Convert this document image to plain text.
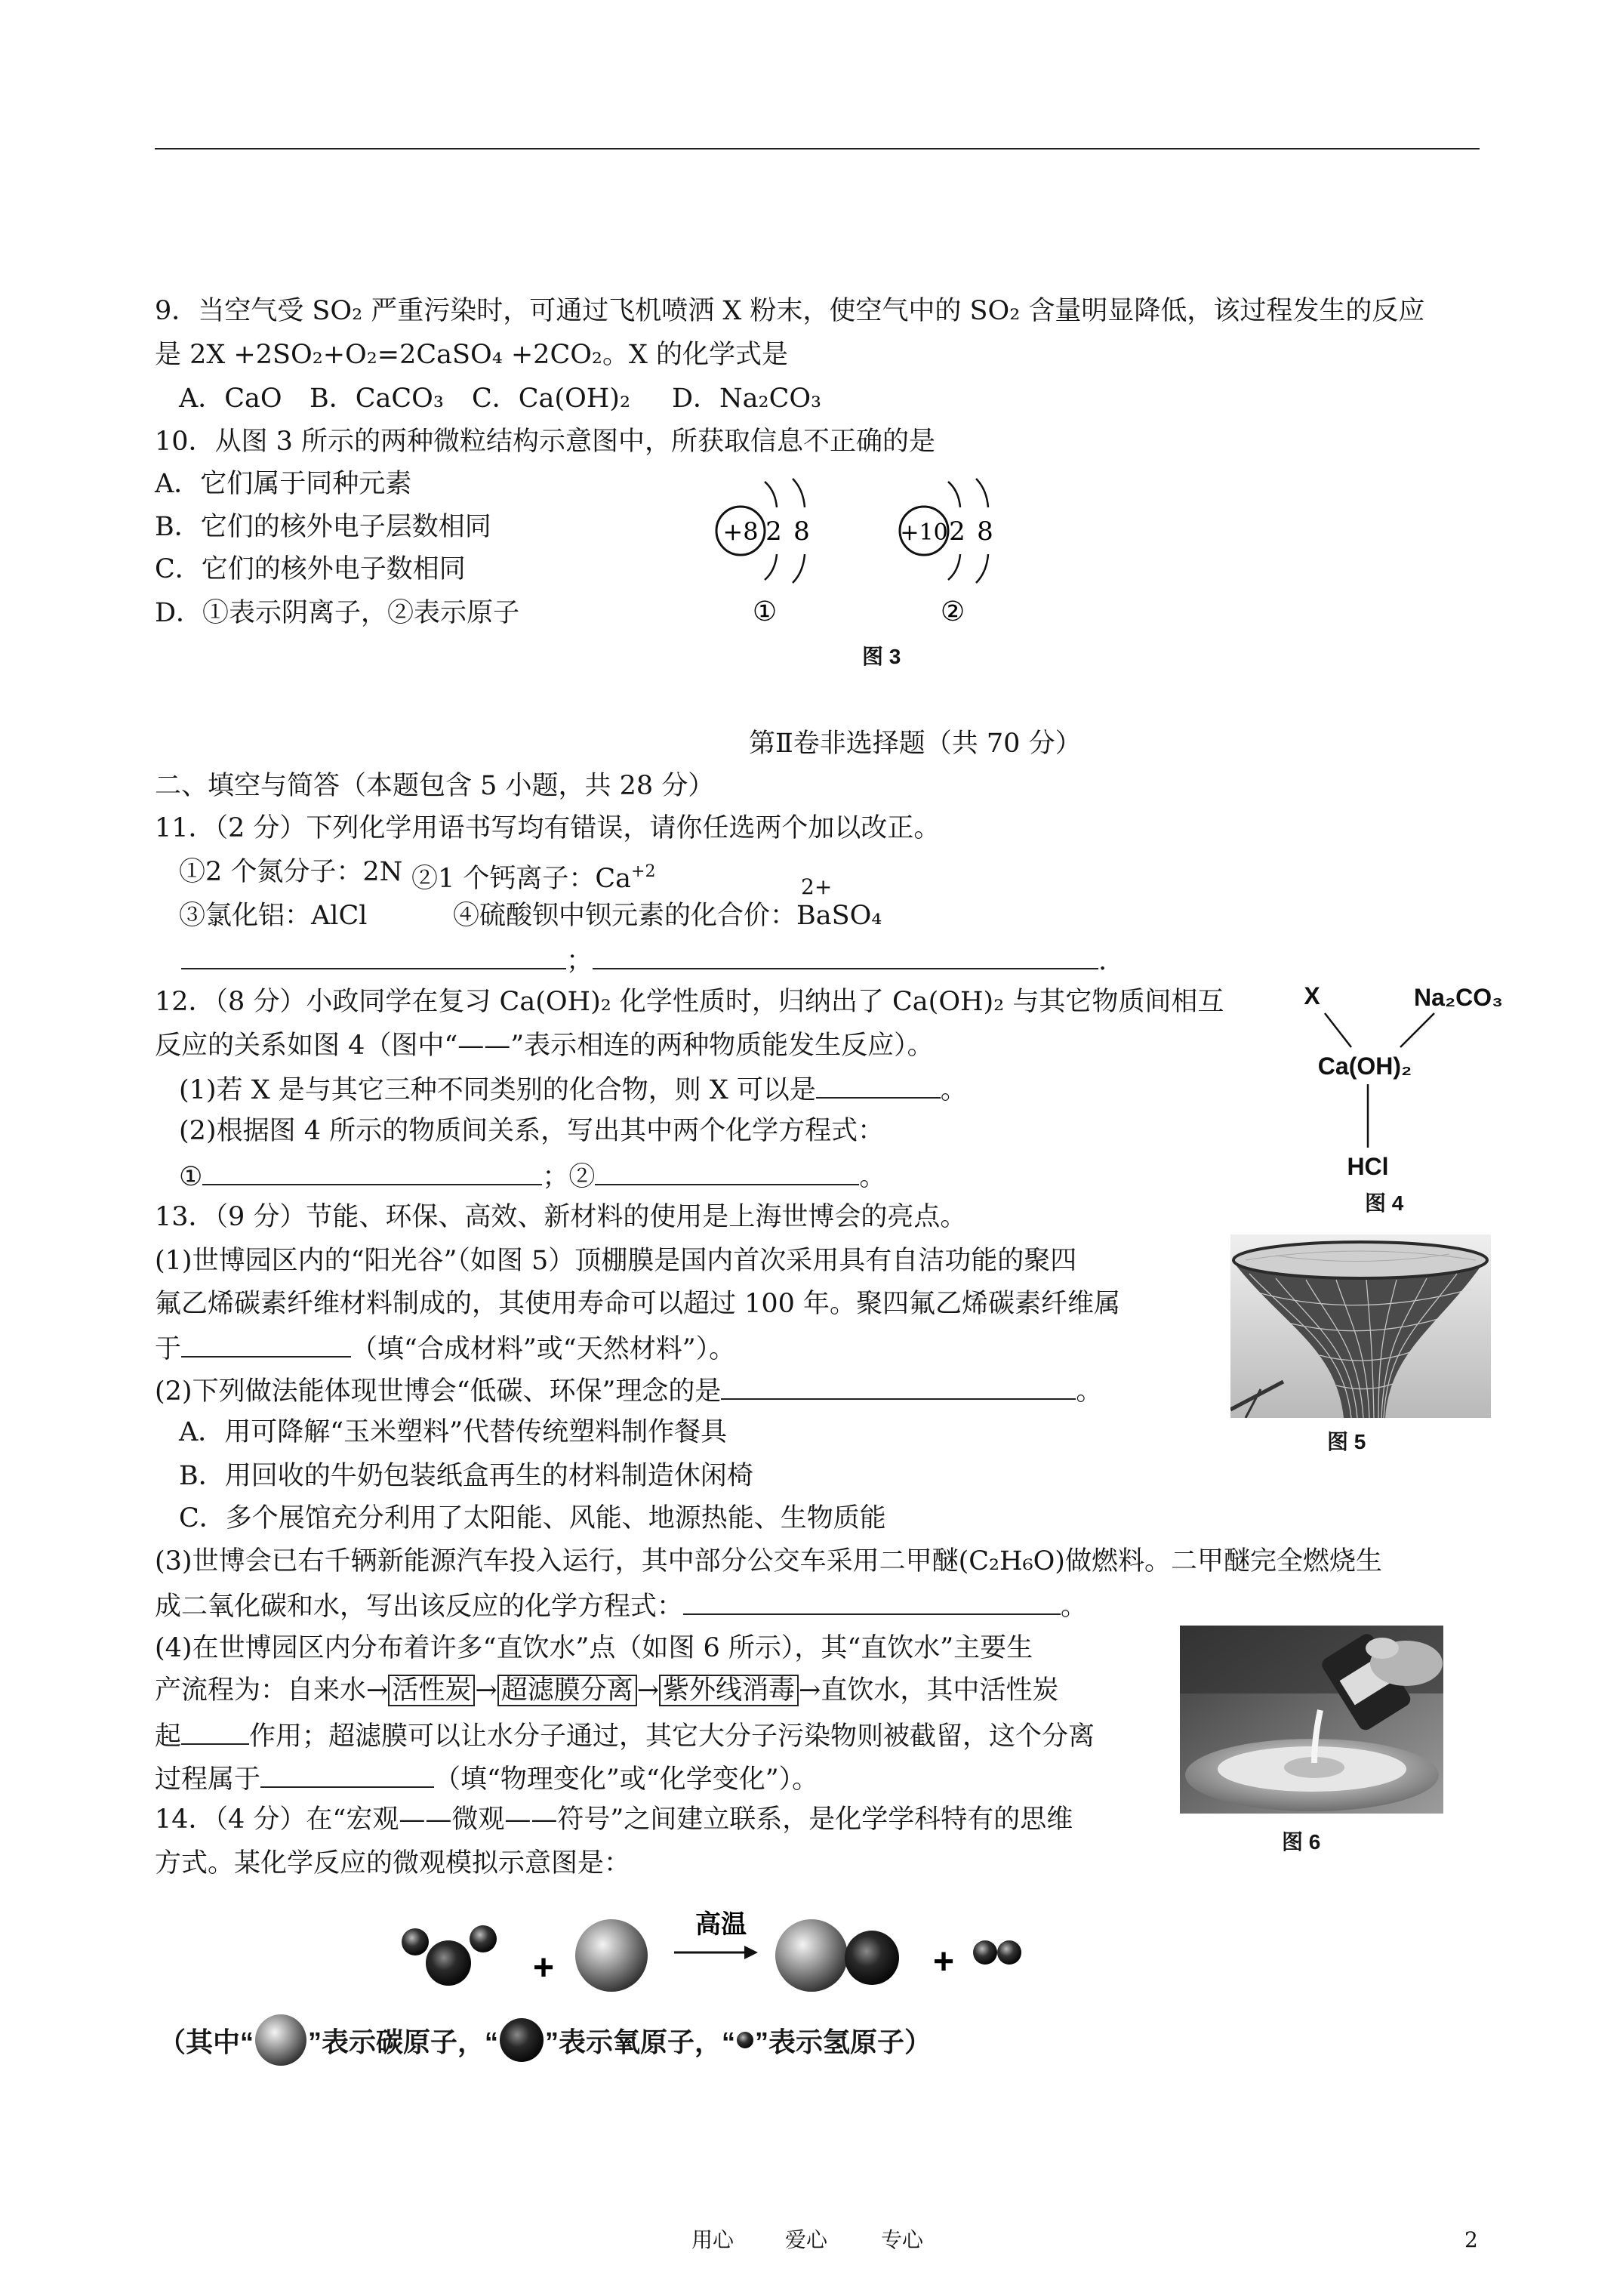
9．当空气受 SO₂ 严重污染时，可通过飞机喷洒 X 粉末，使空气中的 SO₂ 含量明显降低，该过程发生的反应
是 2X +2SO₂+O₂=2CaSO₄ +2CO₂。X 的化学式是
A．CaO B．CaCO₃ C．Ca(OH)₂ D．Na₂CO₃
10．从图 3 所示的两种微粒结构示意图中，所获取信息不正确的是
A．它们属于同种元素
B．它们的核外电子层数相同
C．它们的核外电子数相同
D．①表示阴离子，②表示原子
+8 2 8
①
+10 2 8
②
图 3
第Ⅱ卷非选择题（共 70 分）
二、填空与简答（本题包含 5 小题，共 28 分）
11．（2 分）下列化学用语书写均有错误，请你任选两个加以改正。
①2 个氮分子：2N ②1 个钙离子：$Ca^{+2}$
③氯化铝：AlCl	④硫酸钡中钡元素的化合价：
2+
BaSO₄
；	.
12．（8 分）小政同学在复习 Ca(OH)₂ 化学性质时，归纳出了 Ca(OH)₂ 与其它物质间相互
反应的关系如图 4（图中“——”表示相连的两种物质能发生反应）。
(1)若 X 是与其它三种不同类别的化合物，则 X 可以是	。
(2)根据图 4 所示的物质间关系，写出其中两个化学方程式：
①	；②	。
X	Na₂CO₃
Ca(OH)₂
HCl
图 4
13．（9 分）节能、环保、高效、新材料的使用是上海世博会的亮点。
(1)世博园区内的“阳光谷”（如图 5）顶棚膜是国内首次采用具有自洁功能的聚四
氟乙烯碳素纤维材料制成的，其使用寿命可以超过 100 年。聚四氟乙烯碳素纤维属
于	（填“合成材料”或“天然材料”）。
(2)下列做法能体现世博会“低碳、环保”理念的是	。
A．用可降解“玉米塑料”代替传统塑料制作餐具
B．用回收的牛奶包装纸盒再生的材料制造休闲椅
C．多个展馆充分利用了太阳能、风能、地源热能、生物质能
(3)世博会已右千辆新能源汽车投入运行，其中部分公交车采用二甲醚(C₂H₆O)做燃料。二甲醚完全燃烧生
成二氧化碳和水，写出该反应的化学方程式：	。
(4)在世博园区内分布着许多“直饮水”点（如图 6 所示），其“直饮水”主要生
产流程为：自来水→ 活性炭 → 超滤膜分离 → 紫外线消毒 →直饮水，其中活性炭
起	作用；超滤膜可以让水分子通过，其它大分子污染物则被截留，这个分离
过程属于	（填“物理变化”或“化学变化”）。
图 5
图 6
14．（4 分）在“宏观——微观——符号”之间建立联系，是化学学科特有的思维
方式。某化学反应的微观模拟示意图是：
+
高温
+
（其中“ ”表示碳原子，“ ”表示氧原子，“ ”表示氢原子）
用心 爱心	专心	2
